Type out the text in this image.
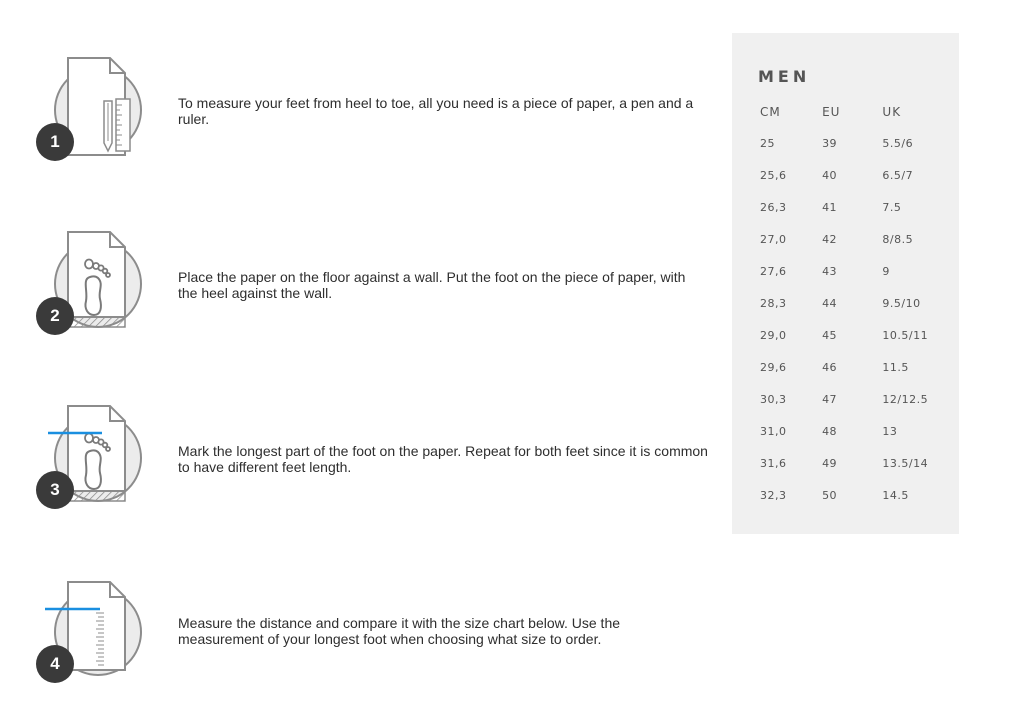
1
To measure your feet from heel to toe, all you need is a piece of paper, a pen and a ruler.
2
Place the paper on the floor against a wall. Put the foot on the piece of paper, with the heel against the wall.
3
Mark the longest part of the foot on the paper. Repeat for both feet since it is common to have different feet length.
4
Measure the distance and compare it with the size chart below. Use the measurement of your longest foot when choosing what size to order.
MEN
CM	EU	UK
25	39	5.5/6
25,6	40	6.5/7
26,3	41	7.5
27,0	42	8/8.5
27,6	43	9
28,3	44	9.5/10
29,0	45	10.5/11
29,6	46	11.5
30,3	47	12/12.5
31,0	48	13
31,6	49	13.5/14
32,3	50	14.5
